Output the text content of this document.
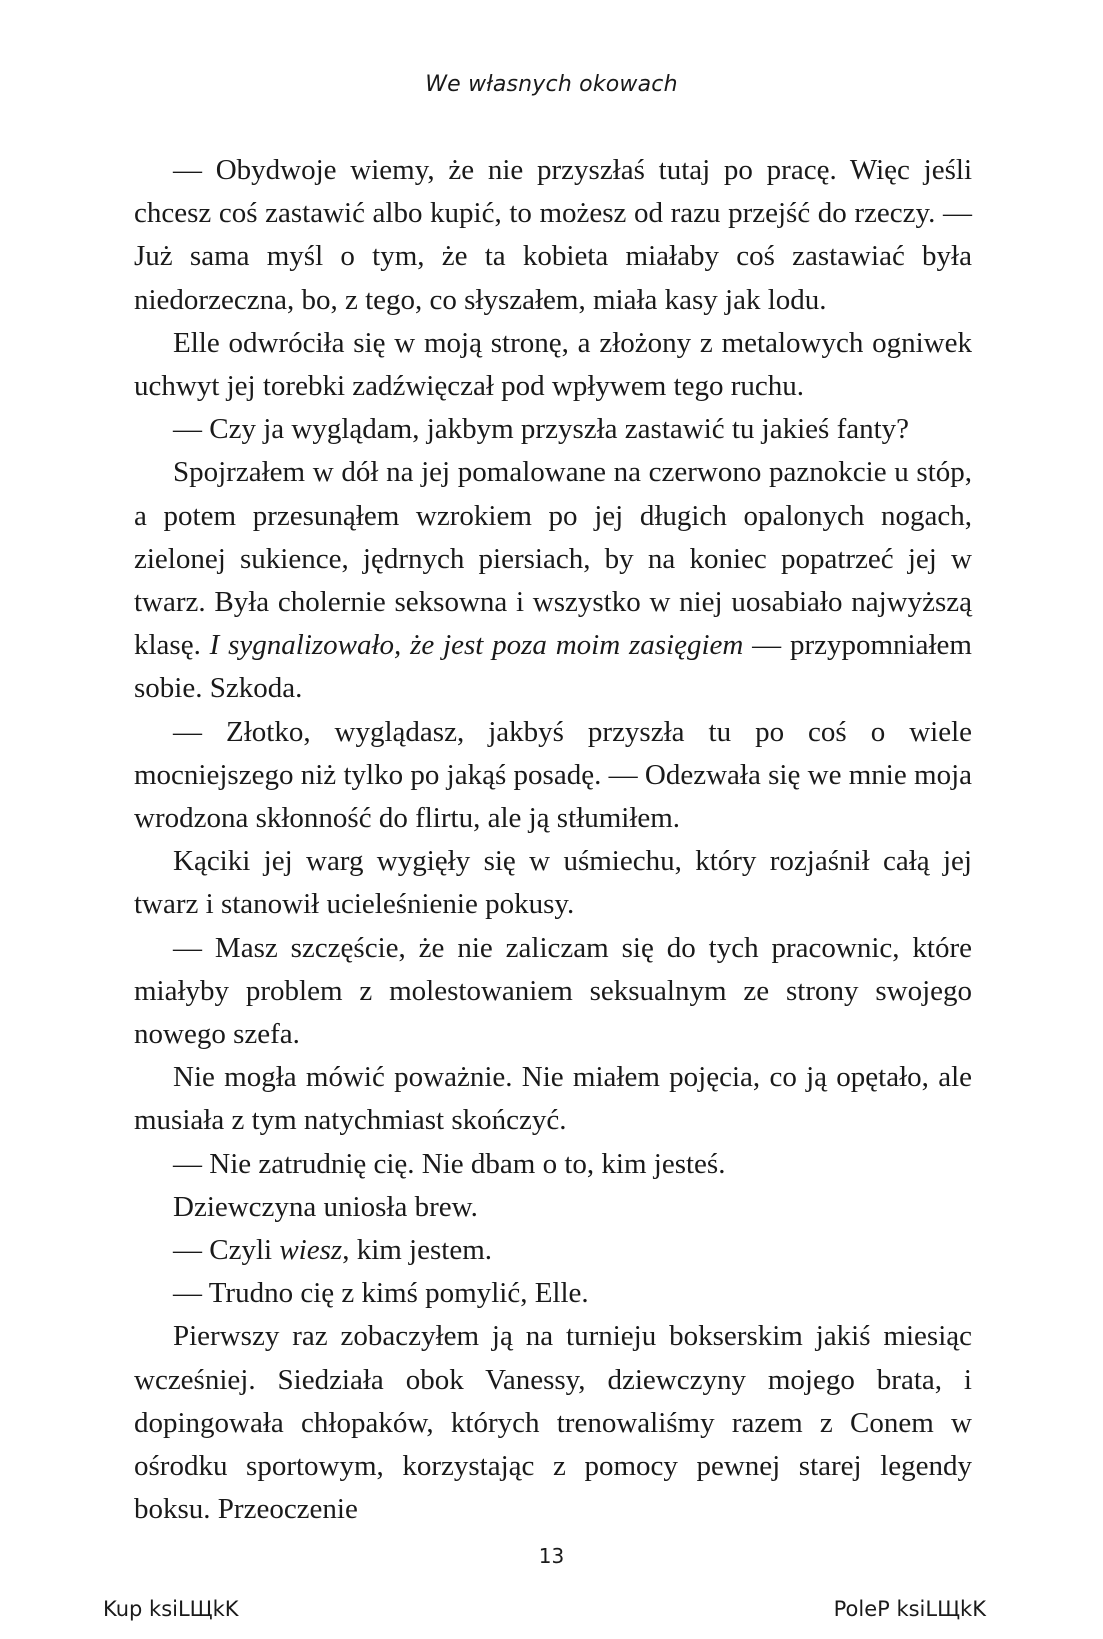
We własnych okowach

— Obydwoje wiemy, że nie przyszłaś tutaj po pracę. Więc jeśli chcesz coś zastawić albo kupić, to możesz od razu przejść do rzeczy. — Już sama myśl o tym, że ta kobieta miałaby coś zastawiać była niedorzeczna, bo, z tego, co słyszałem, miała kasy jak lodu.

Elle odwróciła się w moją stronę, a złożony z metalowych ogniwek uchwyt jej torebki zadźwięczał pod wpływem tego ruchu.

— Czy ja wyglądam, jakbym przyszła zastawić tu jakieś fanty?

Spojrzałem w dół na jej pomalowane na czerwono paznokcie u stóp, a potem przesunąłem wzrokiem po jej długich opalonych nogach, zielonej sukience, jędrnych piersiach, by na koniec popatrzeć jej w twarz. Była cholernie seksowna i wszystko w niej uosabiało najwyższą klasę. I sygnalizowało, że jest poza moim zasięgiem — przypomniałem sobie. Szkoda.

— Złotko, wyglądasz, jakbyś przyszła tu po coś o wiele mocniejszego niż tylko po jakąś posadę. — Odezwała się we mnie moja wrodzona skłonność do flirtu, ale ją stłumiłem.

Kąciki jej warg wygięły się w uśmiechu, który rozjaśnił całą jej twarz i stanowił ucieleśnienie pokusy.

— Masz szczęście, że nie zaliczam się do tych pracownic, które miałyby problem z molestowaniem seksualnym ze strony swojego nowego szefa.

Nie mogła mówić poważnie. Nie miałem pojęcia, co ją opętało, ale musiała z tym natychmiast skończyć.

— Nie zatrudnię cię. Nie dbam o to, kim jesteś.

Dziewczyna uniosła brew.

— Czyli wiesz, kim jestem.

— Trudno cię z kimś pomylić, Elle.

Pierwszy raz zobaczyłem ją na turnieju bokserskim jakiś miesiąc wcześniej. Siedziała obok Vanessy, dziewczyny mojego brata, i dopingowała chłopaków, których trenowaliśmy razem z Conem w ośrodku sportowym, korzystając z pomocy pewnej starej legendy boksu. Przeoczenie

13
Kup ksiLЩkK	PoleP ksiLЩkK
